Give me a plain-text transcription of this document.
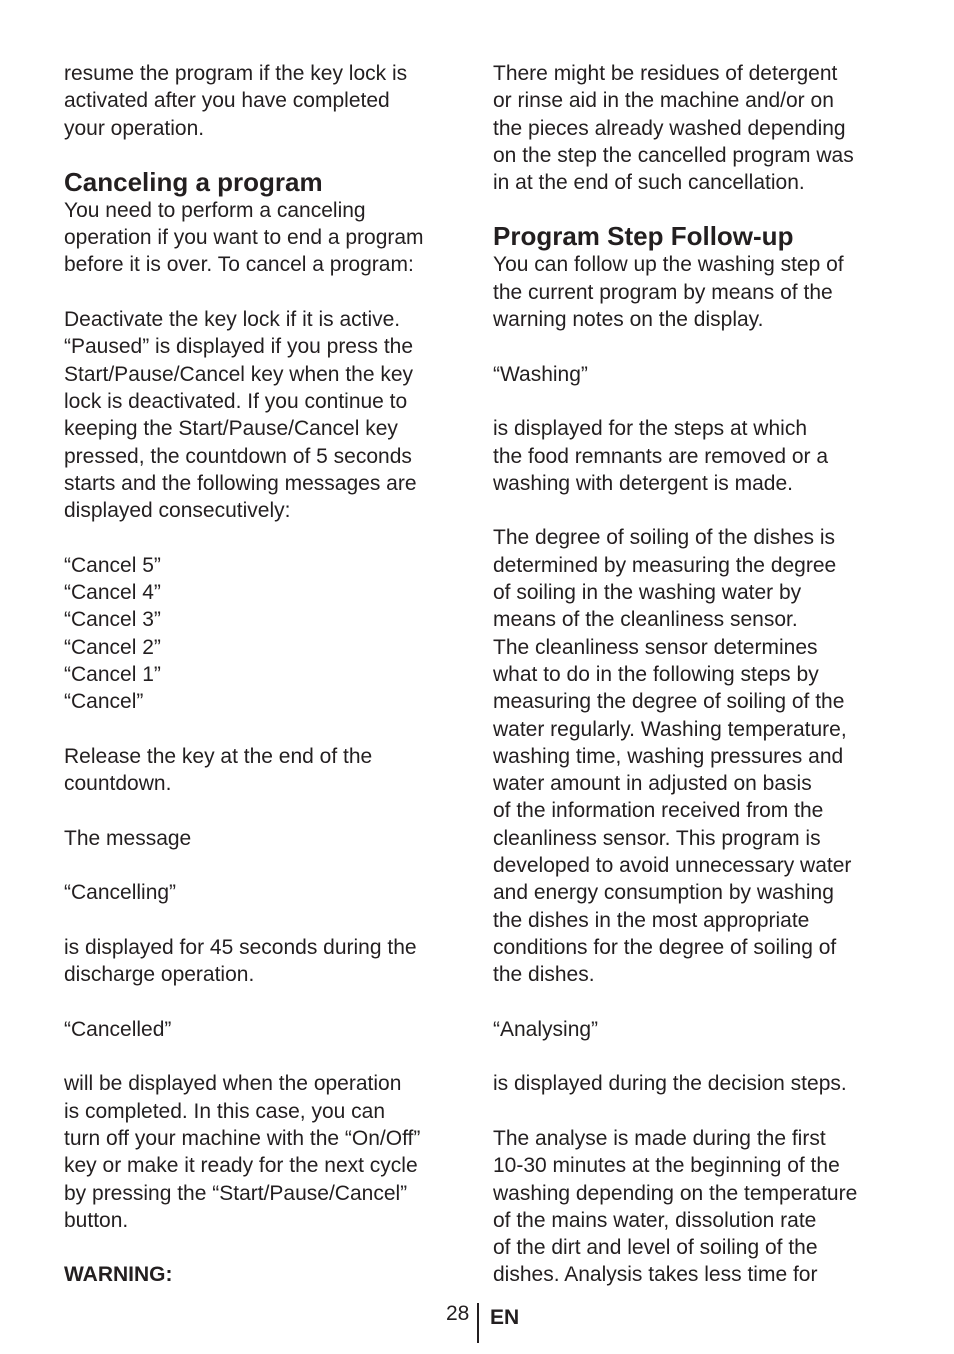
resume the program if the key lock is
activated after you have completed
your operation.
Canceling a program
You need to perform a canceling
operation if you want to end a program
before it is over. To cancel a program:
Deactivate the key lock if it is active.
“Paused” is displayed if you press the
Start/Pause/Cancel key when the key
lock is deactivated. If you continue to
keeping the Start/Pause/Cancel key
pressed, the countdown of 5 seconds
starts and the following messages are
displayed consecutively:
“Cancel 5”
“Cancel 4”
“Cancel 3”
“Cancel 2”
“Cancel 1”
“Cancel”
Release the key at the end of the
countdown.
The message
“Cancelling”
is displayed for 45 seconds during the
discharge operation.
“Cancelled”
will be displayed when the operation
is completed. In this case, you can
turn off your machine with the “On/Off”
key or make it ready for the next cycle
by pressing the “Start/Pause/Cancel”
button.
WARNING:
There might be residues of detergent
or rinse aid in the machine and/or on
the pieces already washed depending
on the step the cancelled program was
in at the end of such cancellation.
Program Step Follow-up
You can follow up the washing step of
the current program by means of the
warning notes on the display.
“Washing”
is displayed for the steps at which
the food remnants are removed or a
washing with detergent is made.
The degree of soiling of the dishes is
determined by measuring the degree
of soiling in the washing water by
means of the cleanliness sensor.
The cleanliness sensor determines
what to do in the following steps by
measuring the degree of soiling of the
water regularly. Washing temperature,
washing time, washing pressures and
water amount in adjusted on basis
of the information received from the
cleanliness sensor. This program is
developed to avoid unnecessary water
and energy consumption by washing
the dishes in the most appropriate
conditions for the degree of soiling of
the dishes.
“Analysing”
is displayed during the decision steps.
The analyse is made during the first
10-30 minutes at the beginning of the
washing depending on the temperature
of the mains water, dissolution rate
of the dirt and level of soiling of the
dishes. Analysis takes less time for
28 EN
